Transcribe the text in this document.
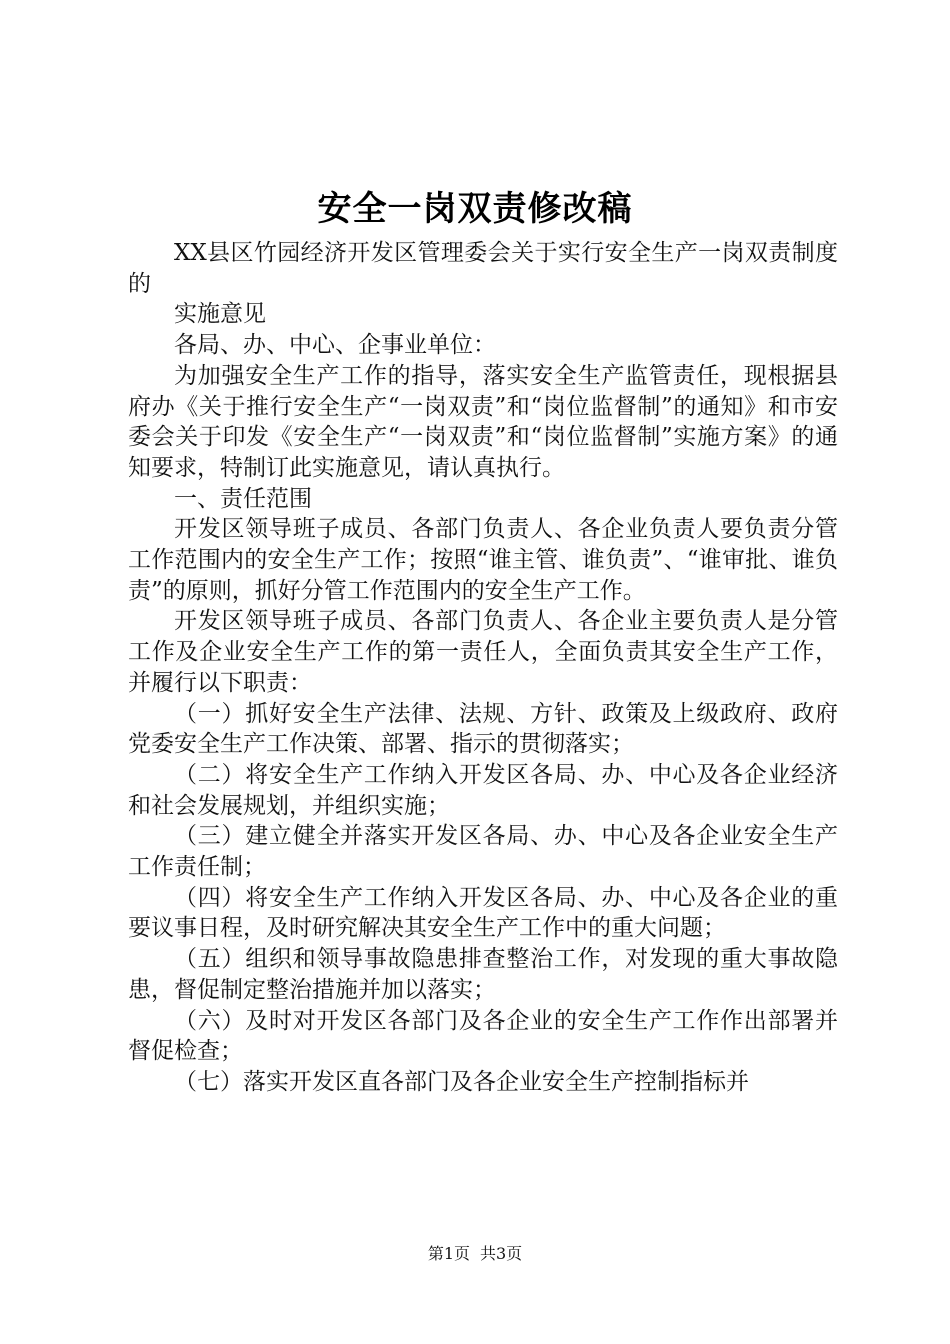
安全一岗双责修改稿

XX县区竹园经济开发区管理委会关于实行安全生产一岗双责制度的

实施意见

各局、办、中心、企事业单位：

为加强安全生产工作的指导，落实安全生产监管责任，现根据县府办《关于推行安全生产“一岗双责”和“岗位监督制”的通知》和市安委会关于印发《安全生产“一岗双责”和“岗位监督制”实施方案》的通知要求，特制订此实施意见，请认真执行。

一、责任范围

开发区领导班子成员、各部门负责人、各企业负责人要负责分管工作范围内的安全生产工作；按照“谁主管、谁负责”、“谁审批、谁负责”的原则，抓好分管工作范围内的安全生产工作。

开发区领导班子成员、各部门负责人、各企业主要负责人是分管工作及企业安全生产工作的第一责任人，全面负责其安全生产工作，并履行以下职责：

（一）抓好安全生产法律、法规、方针、政策及上级政府、政府党委安全生产工作决策、部署、指示的贯彻落实；

（二）将安全生产工作纳入开发区各局、办、中心及各企业经济和社会发展规划，并组织实施；

（三）建立健全并落实开发区各局、办、中心及各企业安全生产工作责任制；

（四）将安全生产工作纳入开发区各局、办、中心及各企业的重要议事日程，及时研究解决其安全生产工作中的重大问题；

（五）组织和领导事故隐患排查整治工作，对发现的重大事故隐患，督促制定整治措施并加以落实；

（六）及时对开发区各部门及各企业的安全生产工作作出部署并督促检查；

（七）落实开发区直各部门及各企业安全生产控制指标并

第1页 共3页
